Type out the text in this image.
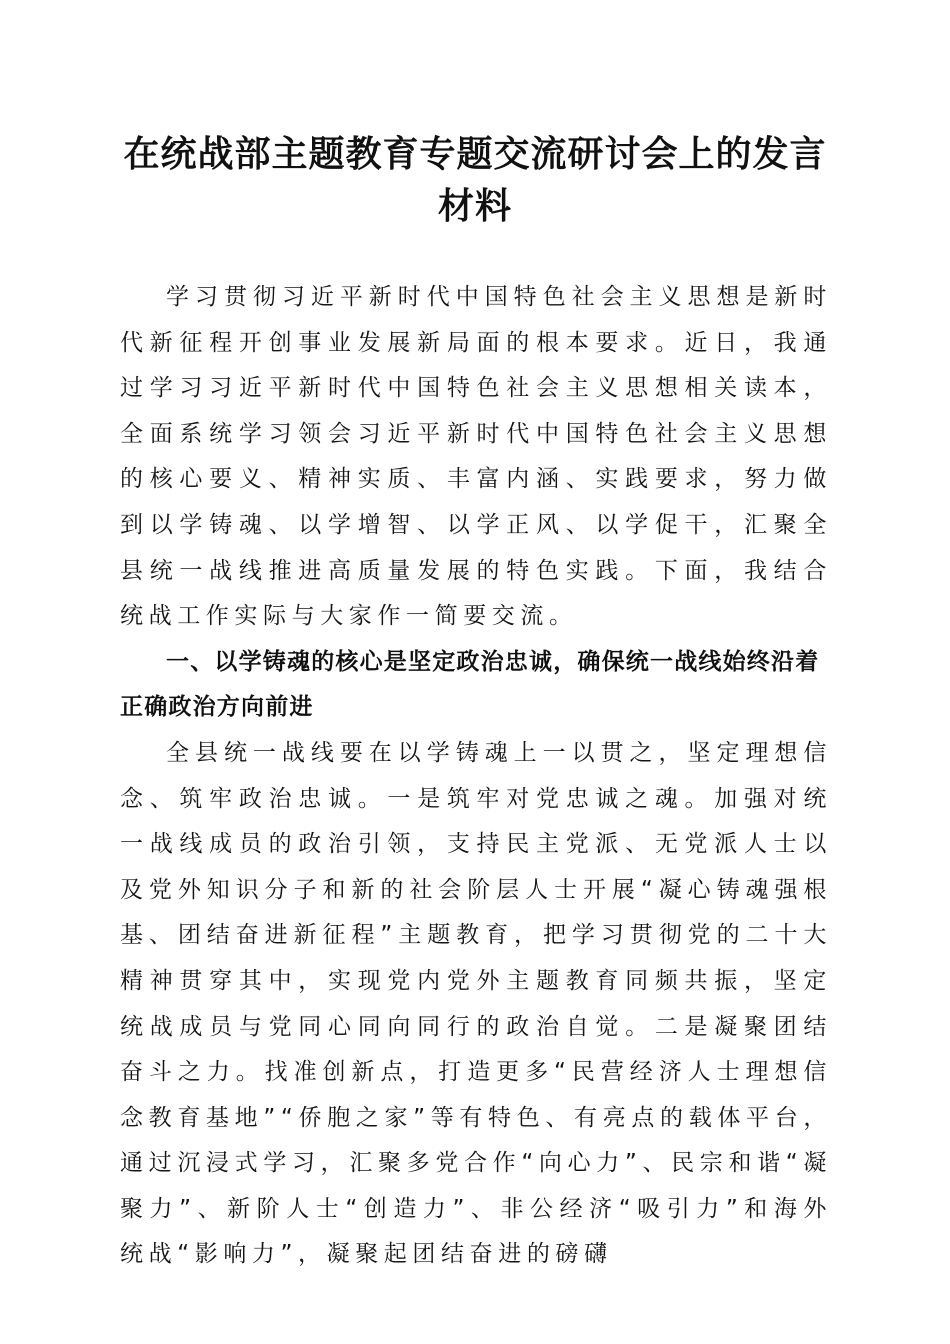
在统战部主题教育专题交流研讨会上的发言材料

学习贯彻习近平新时代中国特色社会主义思想是新时代新征程开创事业发展新局面的根本要求。近日，我通过学习习近平新时代中国特色社会主义思想相关读本，全面系统学习领会习近平新时代中国特色社会主义思想的核心要义、精神实质、丰富内涵、实践要求，努力做到以学铸魂、以学增智、以学正风、以学促干，汇聚全县统一战线推进高质量发展的特色实践。下面，我结合统战工作实际与大家作一简要交流。

一、以学铸魂的核心是坚定政治忠诚，确保统一战线始终沿着正确政治方向前进

全县统一战线要在以学铸魂上一以贯之，坚定理想信念、筑牢政治忠诚。一是筑牢对党忠诚之魂。加强对统一战线成员的政治引领，支持民主党派、无党派人士以及党外知识分子和新的社会阶层人士开展“凝心铸魂强根基、团结奋进新征程”主题教育，把学习贯彻党的二十大精神贯穿其中，实现党内党外主题教育同频共振，坚定统战成员与党同心同向同行的政治自觉。二是凝聚团结奋斗之力。找准创新点，打造更多“民营经济人士理想信念教育基地”“侨胞之家”等有特色、有亮点的载体平台，通过沉浸式学习，汇聚多党合作“向心力”、民宗和谐“凝聚力”、新阶人士“创造力”、非公经济“吸引力”和海外统战“影响力”，凝聚起团结奋进的磅礴
